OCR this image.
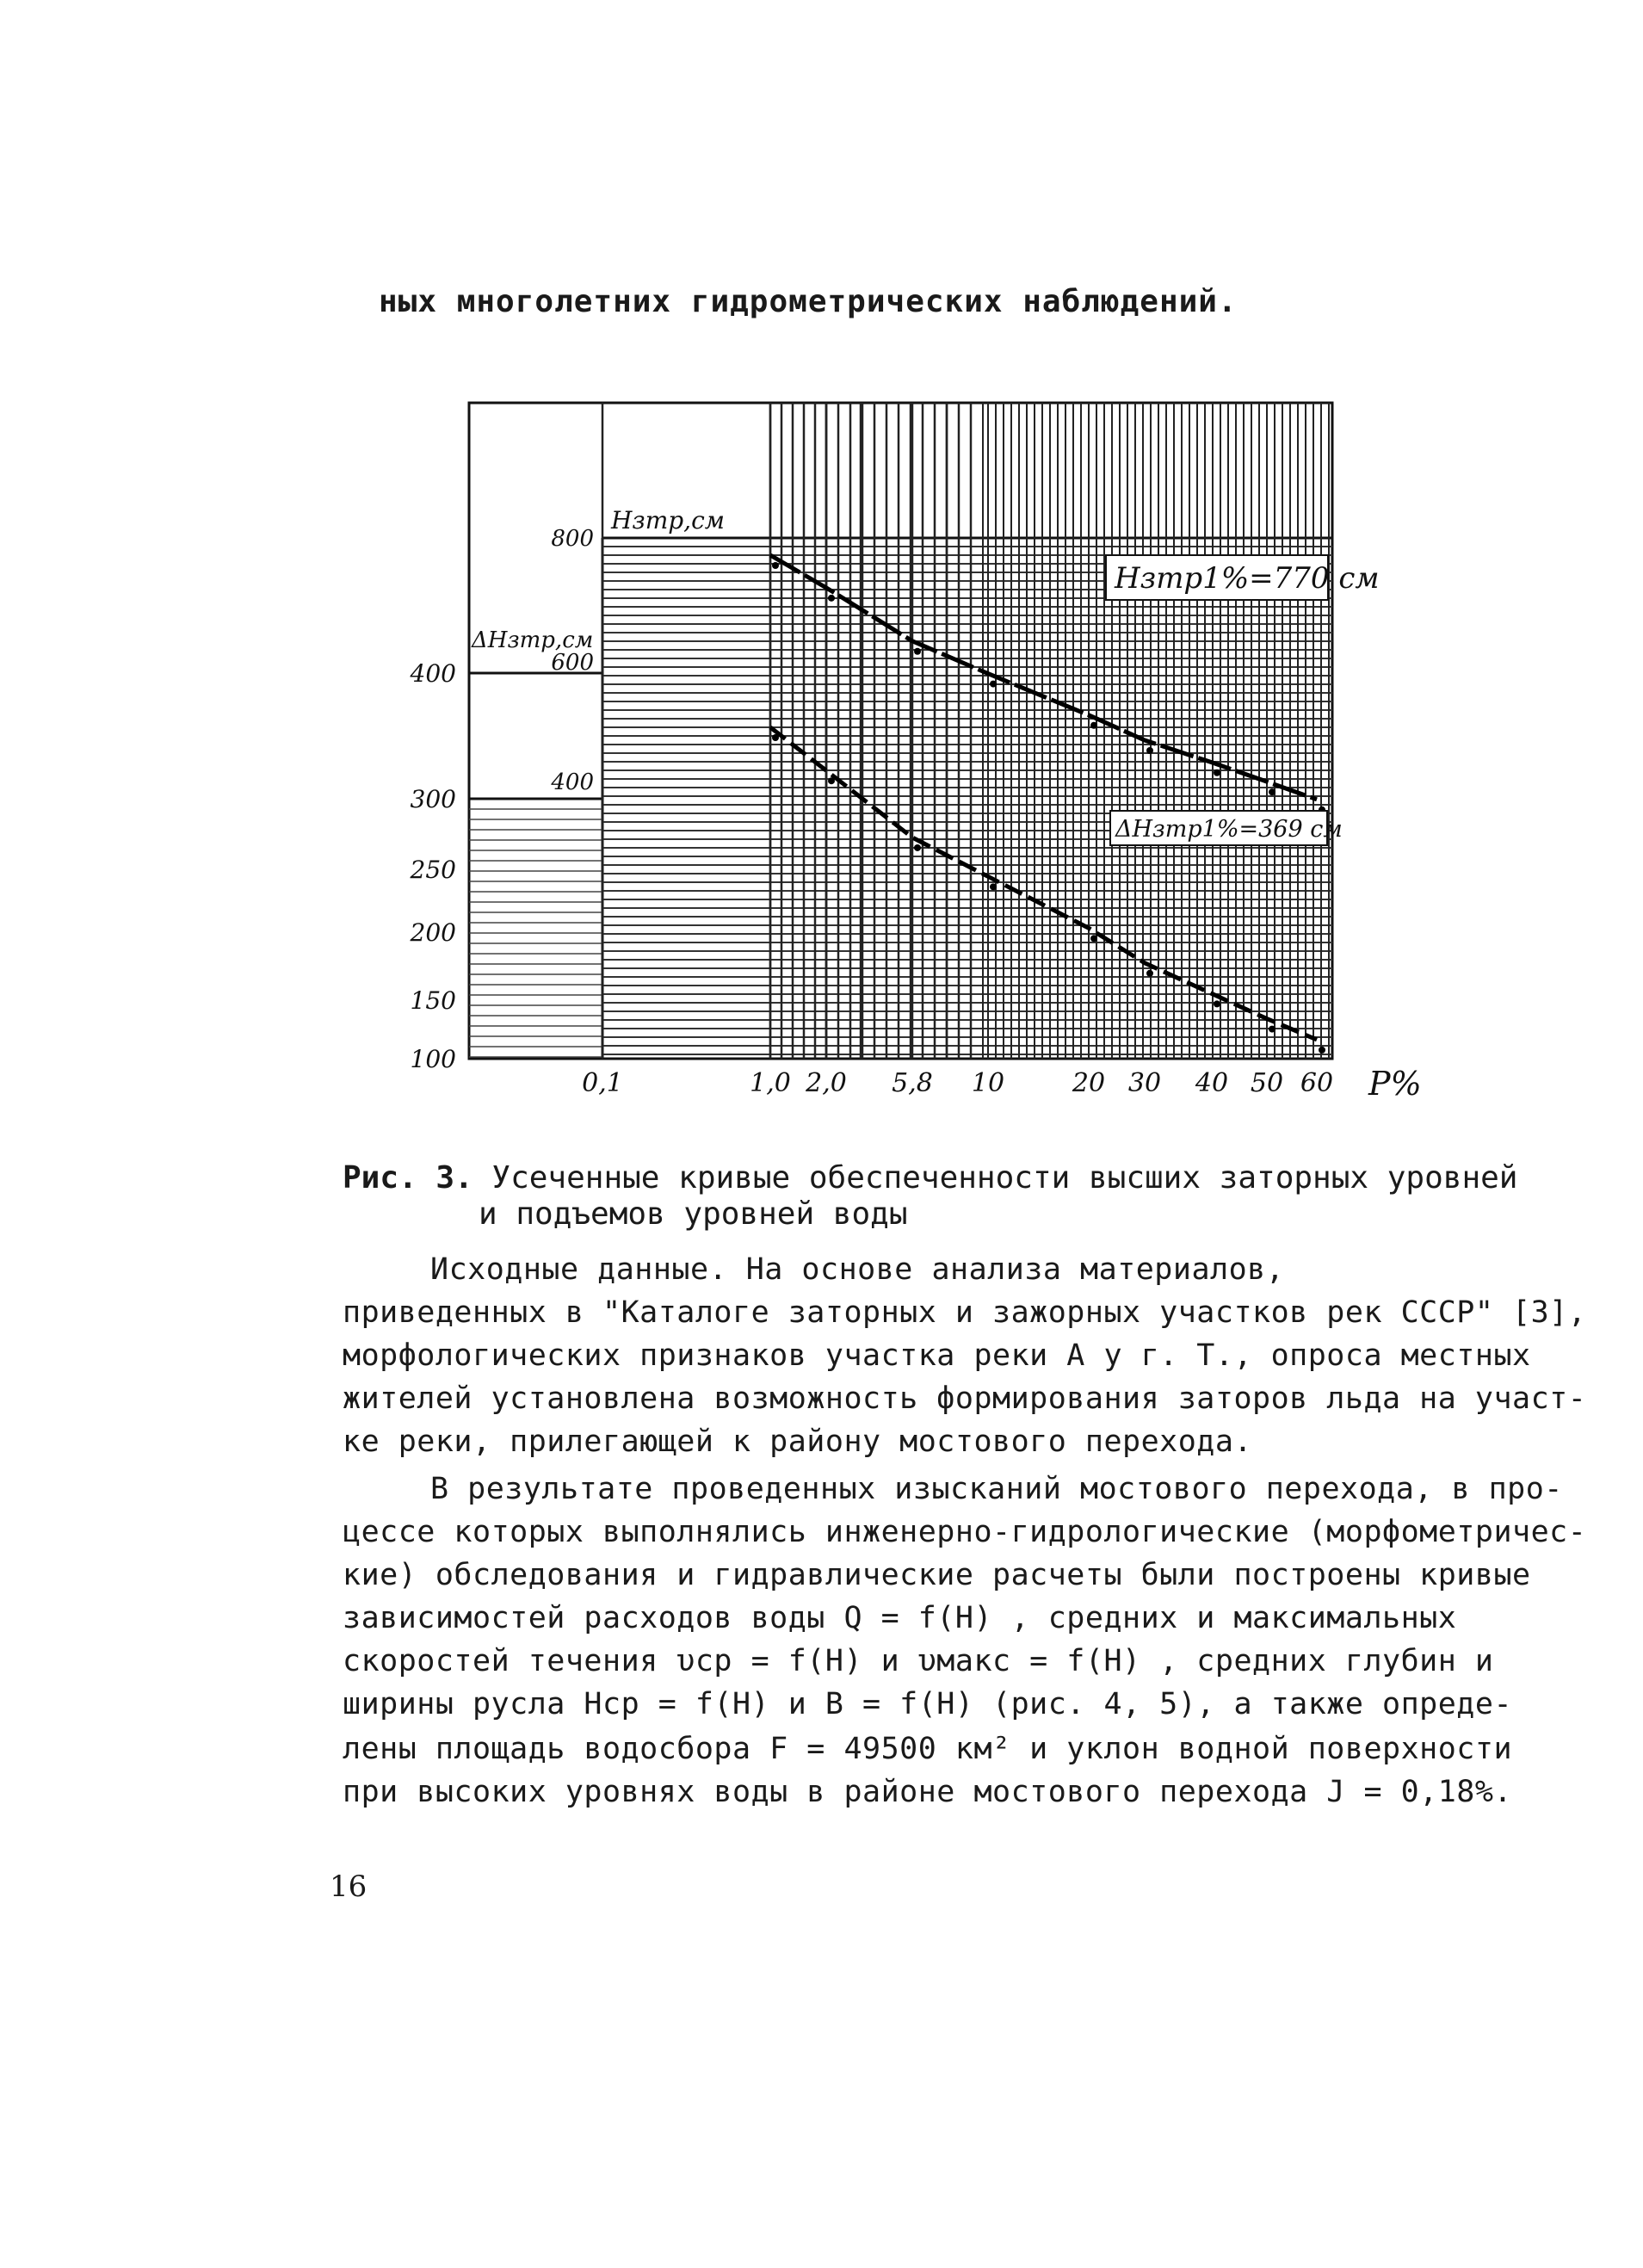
ных многолетних гидрометрических наблюдений.
0,1	1,0 2,0 5,8 10	20 30 40 50 60
800
600
400
400
300
250
200
150
100
P%
Нзтр,см
ΔНзтр,см
Нзтр1%=770 см
ΔНзтр1%=369 см
Рис. 3. Усеченные кривые обеспеченности высших заторных уровней
и подъемов уровней воды
Исходные данные. На основе анализа материалов,
приведенных в "Каталоге заторных и зажорных участков рек СССР" [3],
морфологических признаков участка реки А у г. Т., опроса местных
жителей установлена возможность формирования заторов льда на участ-
ке реки, прилегающей к району мостового перехода.
В результате проведенных изысканий мостового перехода, в про-
цессе которых выполнялись инженерно-гидрологические (морфометричес-
кие) обследования и гидравлические расчеты были построены кривые
зависимостей расходов воды Q = f(H) , средних и максимальных
скоростей течения υср = f(H) и υмакс = f(H) , средних глубин и
ширины русла Hср = f(H) и B = f(H) (рис. 4, 5), а также опреде-
лены площадь водосбора F = 49500 км² и уклон водной поверхности
при высоких уровнях воды в районе мостового перехода J = 0,18%.
16
